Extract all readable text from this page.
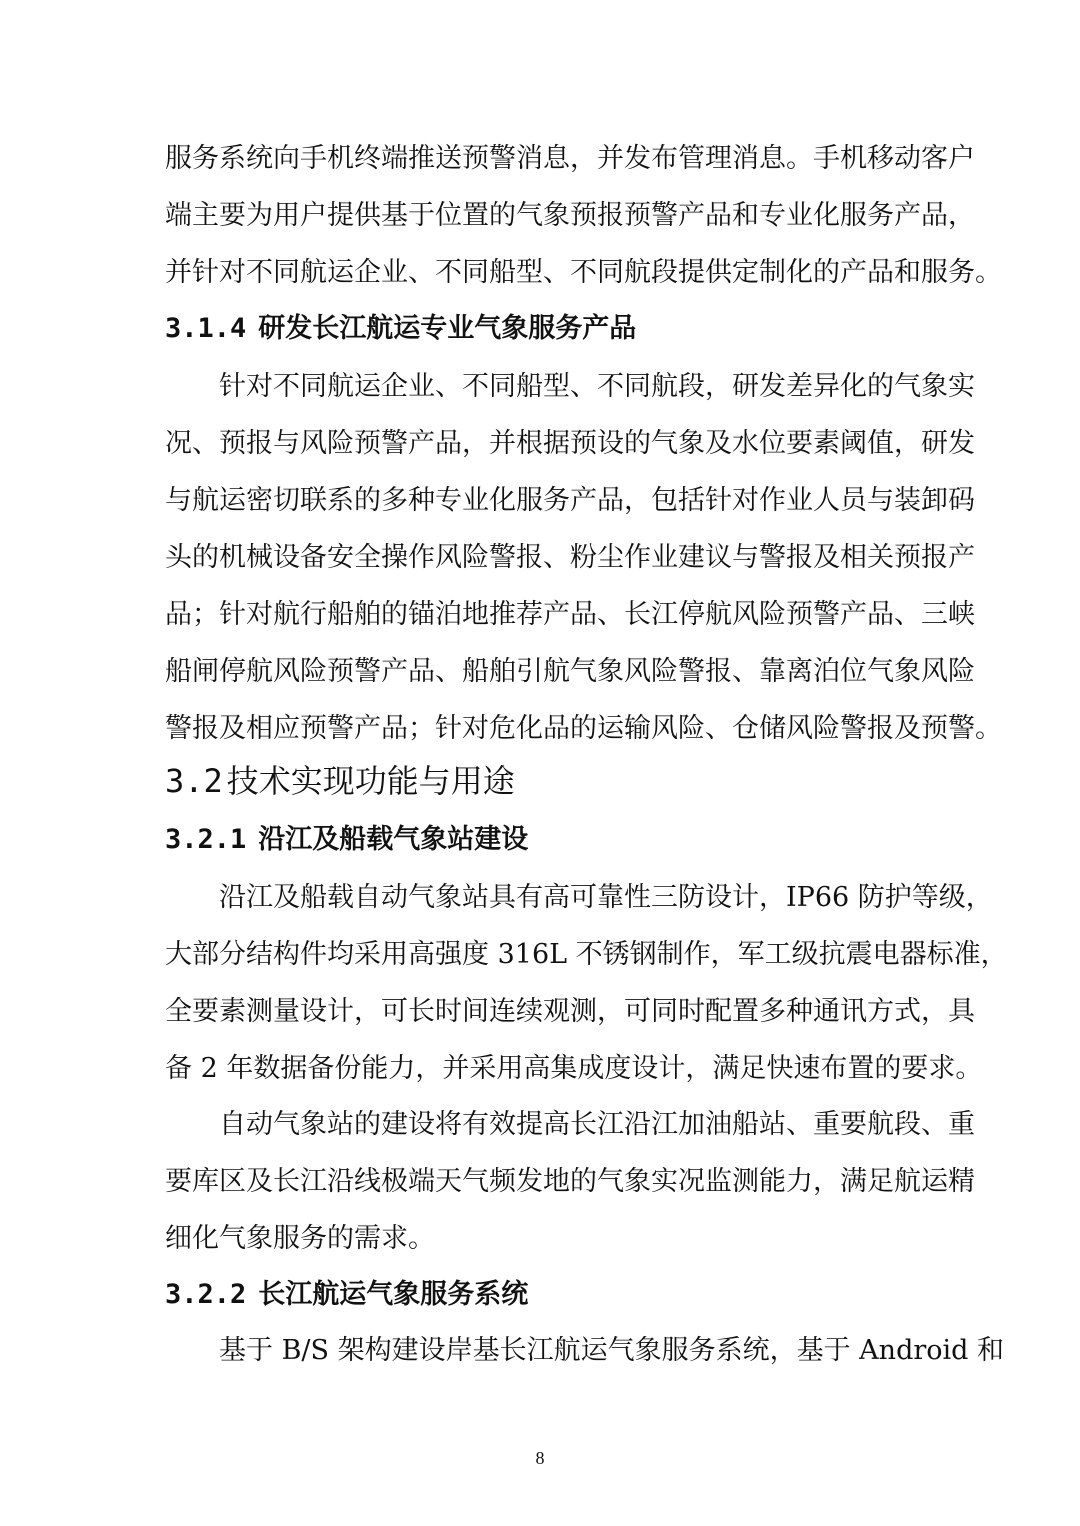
服务系统向手机终端推送预警消息，并发布管理消息。手机移动客户
端主要为用户提供基于位置的气象预报预警产品和专业化服务产品，
并针对不同航运企业、不同船型、不同航段提供定制化的产品和服务。
3.1.4 研发长江航运专业气象服务产品
针对不同航运企业、不同船型、不同航段，研发差异化的气象实
况、预报与风险预警产品，并根据预设的气象及水位要素阈值，研发
与航运密切联系的多种专业化服务产品，包括针对作业人员与装卸码
头的机械设备安全操作风险警报、粉尘作业建议与警报及相关预报产
品；针对航行船舶的锚泊地推荐产品、长江停航风险预警产品、三峡
船闸停航风险预警产品、船舶引航气象风险警报、靠离泊位气象风险
警报及相应预警产品；针对危化品的运输风险、仓储风险警报及预警。
3.2 技术实现功能与用途
3.2.1 沿江及船载气象站建设
沿江及船载自动气象站具有高可靠性三防设计，IP66 防护等级，
大部分结构件均采用高强度 316L 不锈钢制作，军工级抗震电器标准，
全要素测量设计，可长时间连续观测，可同时配置多种通讯方式，具
备 2 年数据备份能力，并采用高集成度设计，满足快速布置的要求。
自动气象站的建设将有效提高长江沿江加油船站、重要航段、重
要库区及长江沿线极端天气频发地的气象实况监测能力，满足航运精
细化气象服务的需求。
3.2.2 长江航运气象服务系统
基于 B/S 架构建设岸基长江航运气象服务系统，基于 Android 和
8
